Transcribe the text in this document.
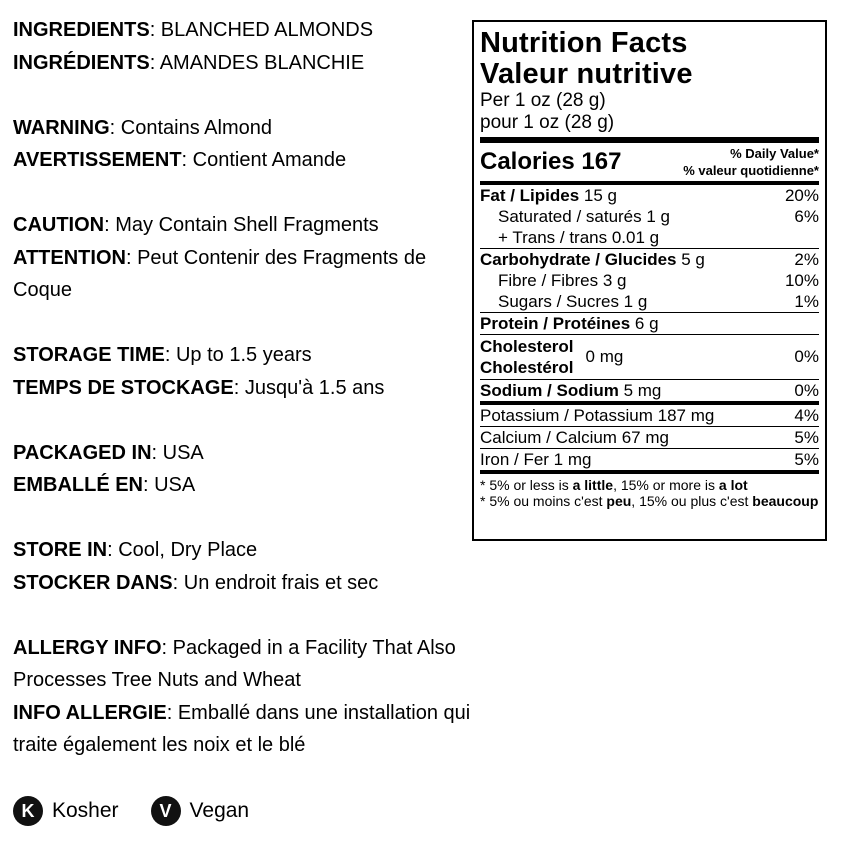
INGREDIENTS: BLANCHED ALMONDS
INGRÉDIENTS: AMANDES BLANCHIE

WARNING: Contains Almond
AVERTISSEMENT: Contient Amande

CAUTION: May Contain Shell Fragments
ATTENTION: Peut Contenir des Fragments de Coque

STORAGE TIME: Up to 1.5 years
TEMPS DE STOCKAGE: Jusqu'à 1.5 ans

PACKAGED IN: USA
EMBALLÉ EN: USA

STORE IN: Cool, Dry Place
STOCKER DANS: Un endroit frais et sec

ALLERGY INFO: Packaged in a Facility That Also Processes Tree Nuts and Wheat
INFO ALLERGIE: Emballé dans une installation qui traite également les noix et le blé

K Kosher	V Vegan
Nutrition Facts
Valeur nutritive
Per 1 oz (28 g)
pour 1 oz (28 g)
Calories 167	% Daily Value*
% valeur quotidienne*
Fat / Lipides 15 g	20%
Saturated / saturés 1 g	6%
+ Trans / trans 0.01 g
Carbohydrate / Glucides 5 g	2%
Fibre / Fibres 3 g	10%
Sugars / Sucres 1 g	1%
Protein / Protéines 6 g
Cholesterol
Cholestérol
0 mg	0%
Sodium / Sodium 5 mg	0%
Potassium / Potassium 187 mg	4%
Calcium / Calcium 67 mg	5%
Iron / Fer 1 mg	5%
* 5% or less is a little, 15% or more is a lot
* 5% ou moins c'est peu, 15% ou plus c'est beaucoup
